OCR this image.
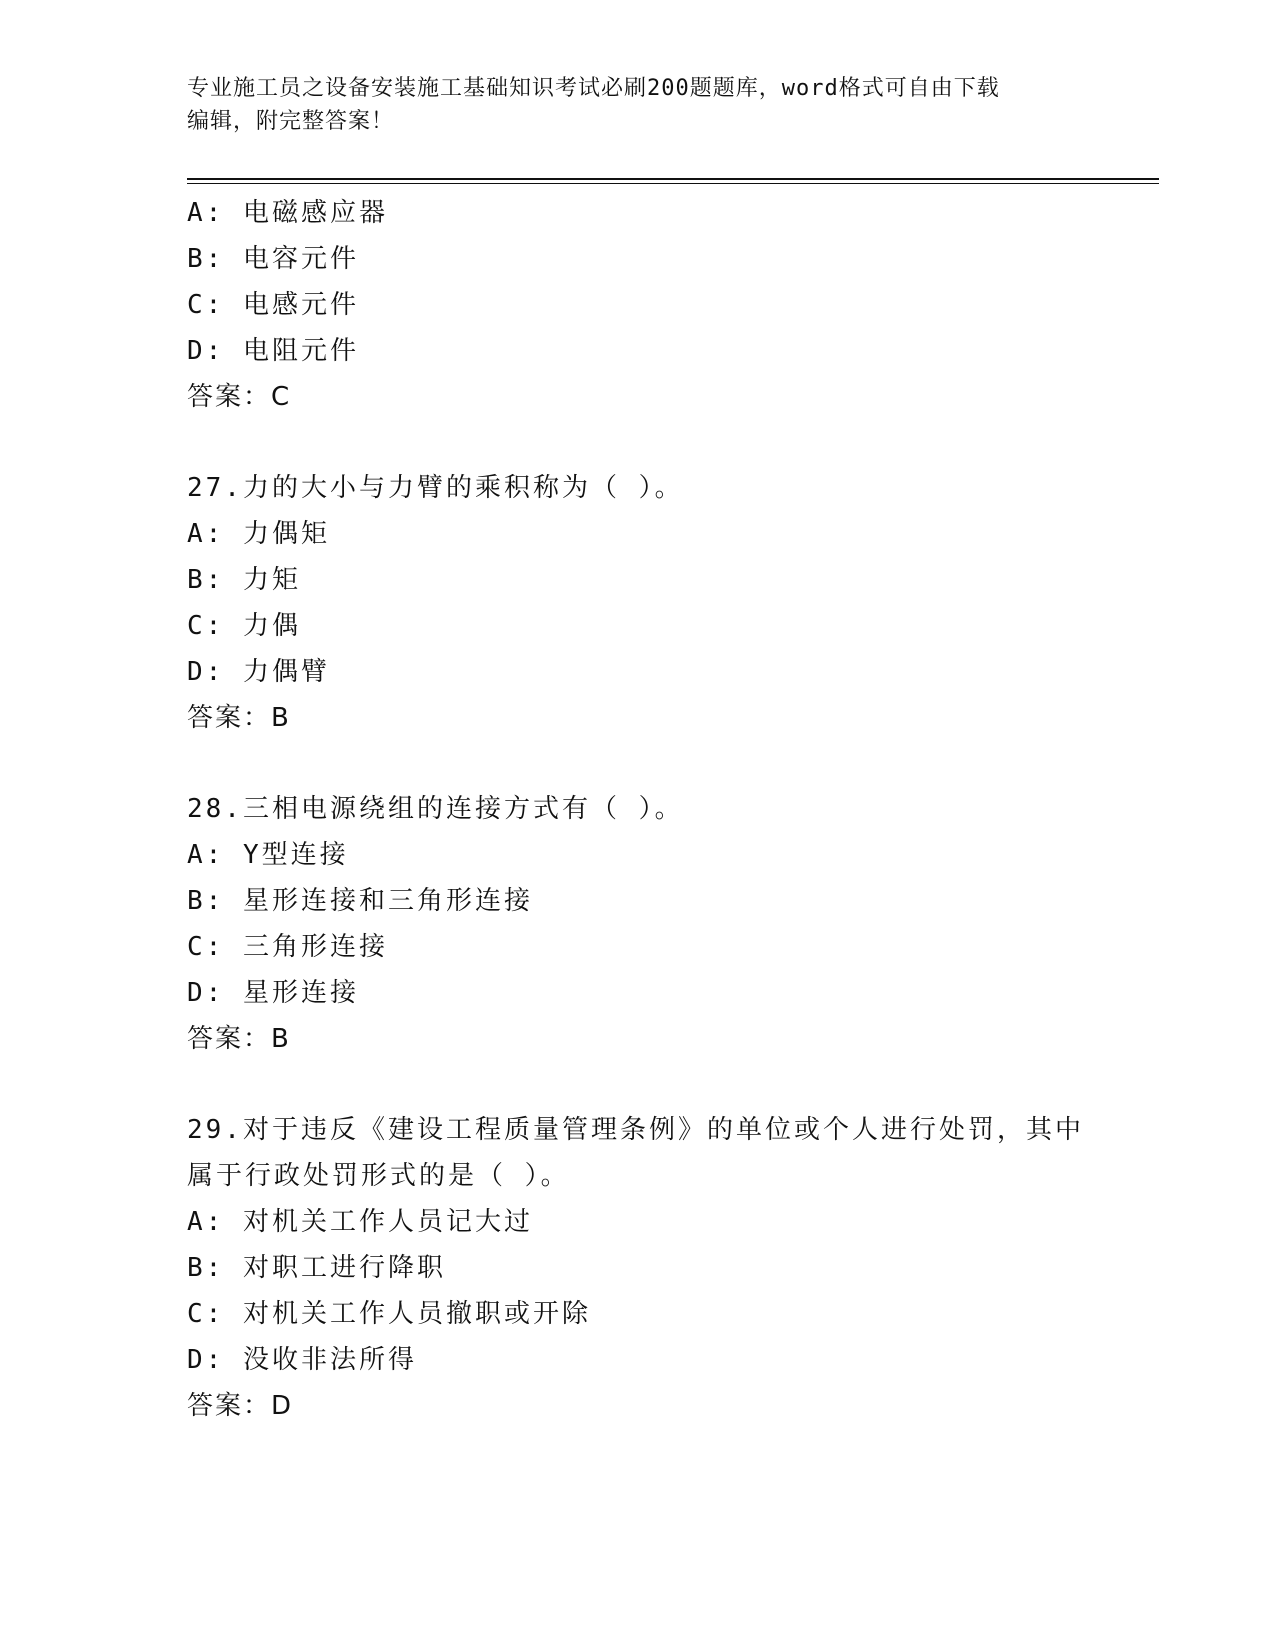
专业施工员之设备安装施工基础知识考试必刷200题题库，word格式可自由下载
编辑，附完整答案！
A: 电磁感应器
B: 电容元件
C: 电感元件
D: 电阻元件
答案：C
27.力的大小与力臂的乘积称为（ ）。
A: 力偶矩
B: 力矩
C: 力偶
D: 力偶臂
答案：B
28.三相电源绕组的连接方式有（ ）。
A: Y型连接
B: 星形连接和三角形连接
C: 三角形连接
D: 星形连接
答案：B
29.对于违反《建设工程质量管理条例》的单位或个人进行处罚，其中
属于行政处罚形式的是（ ）。
A: 对机关工作人员记大过
B: 对职工进行降职
C: 对机关工作人员撤职或开除
D: 没收非法所得
答案：D
